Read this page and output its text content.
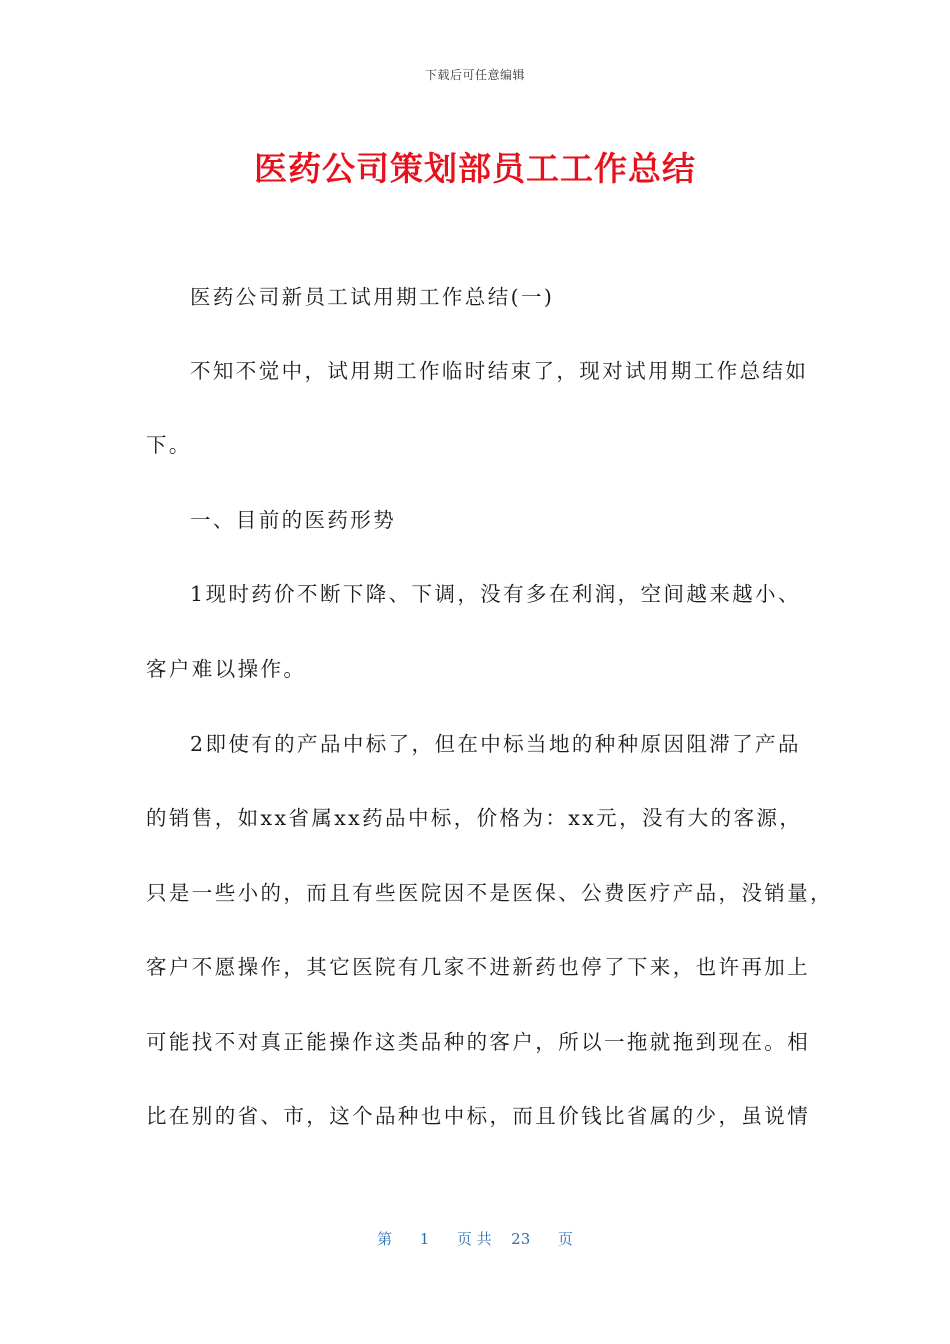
下载后可任意编辑
医药公司策划部员工工作总结
医药公司新员工试用期工作总结(一)
不知不觉中，试用期工作临时结束了，现对试用期工作总结如
下。
一、目前的医药形势
1现时药价不断下降、下调，没有多在利润，空间越来越小、
客户难以操作。
2即使有的产品中标了，但在中标当地的种种原因阻滞了产品
的销售，如xx省属xx药品中标，价格为：xx元，没有大的客源，
只是一些小的，而且有些医院因不是医保、公费医疗产品，没销量，
客户不愿操作，其它医院有几家不进新药也停了下来，也许再加上
可能找不对真正能操作这类品种的客户，所以一拖就拖到现在。相
比在别的省、市，这个品种也中标，而且价钱比省属的少，虽说情
第 1 页 共 23 页
